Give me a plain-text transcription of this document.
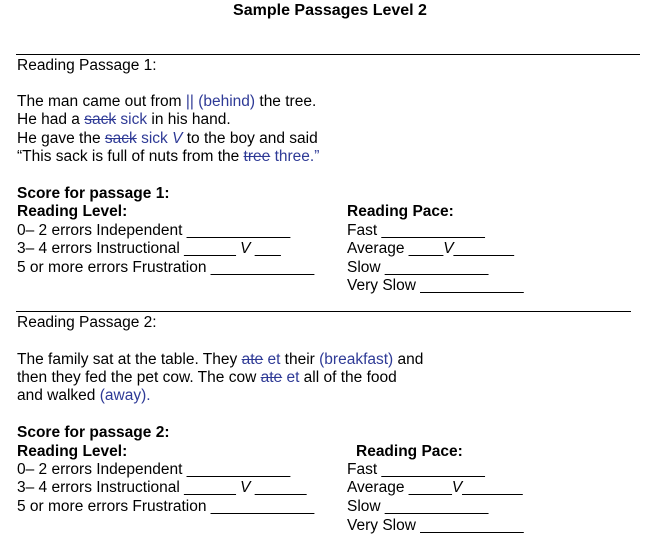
Sample Passages Level 2
Reading Passage 1:
The man came out from || (behind) the tree.
He had a sack sick in his hand.
He gave the sack sick V to the boy and said
“This sack is full of nuts from the tree three.”
Score for passage 1:
Reading Level:
0– 2 errors Independent ____________
3– 4 errors Instructional ______ V ___
5 or more errors Frustration ____________
Reading Pace:
Fast ____________
Average ____V_______
Slow ____________
Very Slow ____________
Reading Passage 2:
The family sat at the table. They ate et their (breakfast) and
then they fed the pet cow. The cow ate et all of the food
and walked (away).
Score for passage 2:
Reading Level:
0– 2 errors Independent ____________
3– 4 errors Instructional ______ V ______
5 or more errors Frustration ____________
Reading Pace:
Fast ____________
Average _____V_______
Slow ____________
Very Slow ____________
